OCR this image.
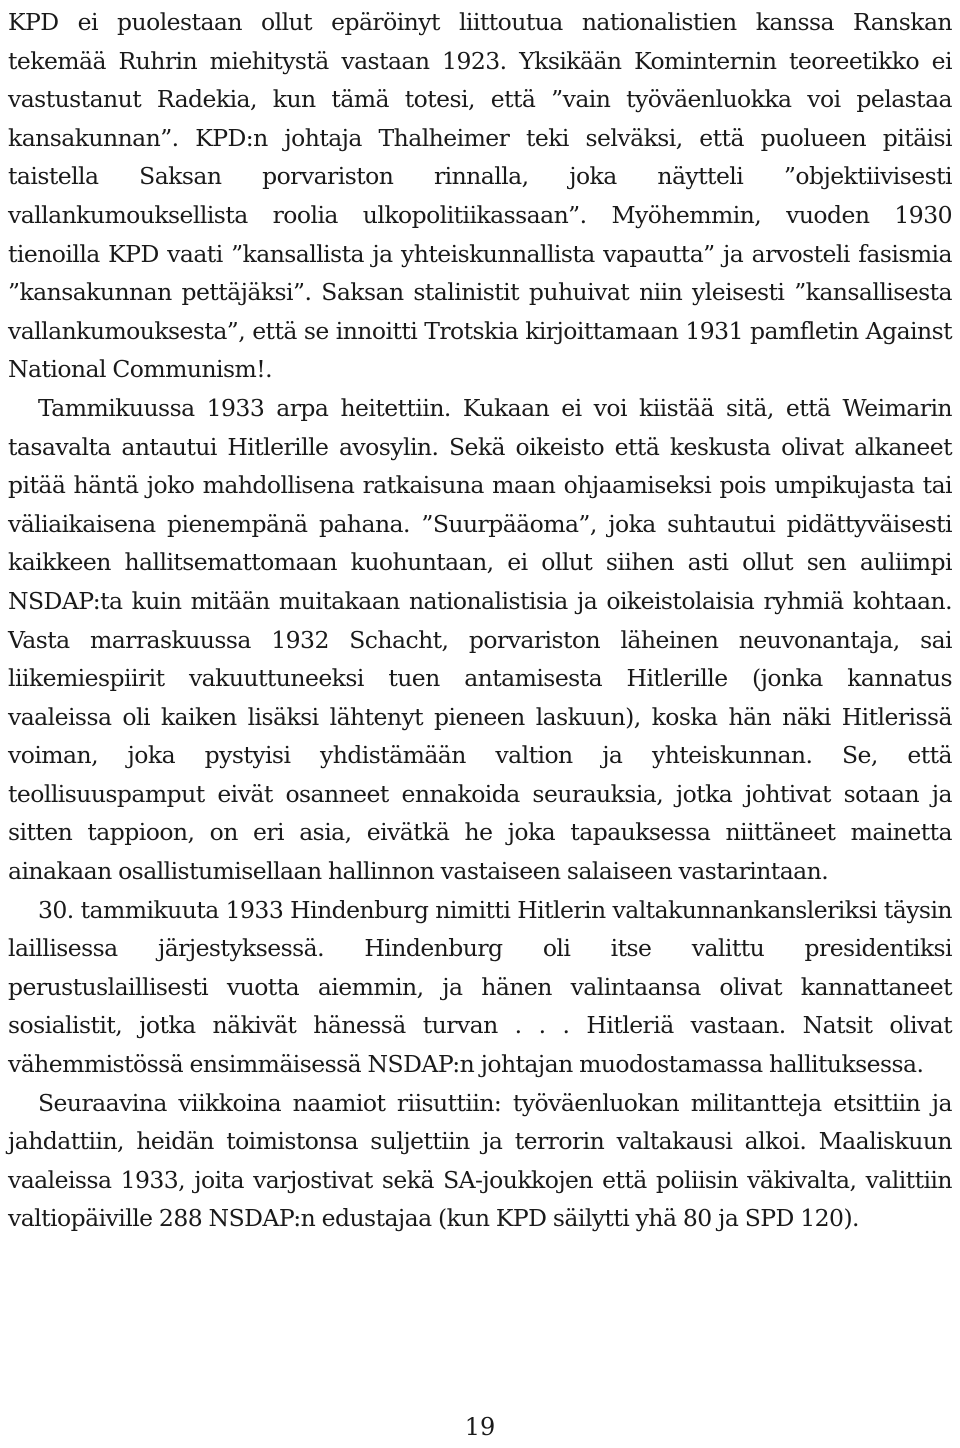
KPD ei puolestaan ollut epäröinyt liittoutua nationalistien kanssa Ranskan tekemää Ruhrin miehitystä vastaan 1923. Yksikään Kominternin teoreetikko ei vastustanut Radekia, kun tämä totesi, että ”vain työväenluokka voi pelastaa kansakunnan”. KPD:n johtaja Thalheimer teki selväksi, että puolueen pitäisi taistella Saksan porvariston rinnalla, joka näytteli ”objektiivisesti vallankumouksellista roolia ulkopolitiikassaan”. Myöhemmin, vuoden 1930 tienoilla KPD vaati ”kansallista ja yhteiskunnallista vapautta” ja arvosteli fasismia ”kansakunnan pettäjäksi”. Saksan stalinistit puhuivat niin yleisesti ”kansallisesta vallankumouksesta”, että se innoitti Trotskia kirjoittamaan 1931 pamfletin Against National Communism!.

Tammikuussa 1933 arpa heitettiin. Kukaan ei voi kiistää sitä, että Weimarin tasavalta antautui Hitlerille avosylin. Sekä oikeisto että keskusta olivat alkaneet pitää häntä joko mahdollisena ratkaisuna maan ohjaamiseksi pois umpikujasta tai väliaikaisena pienempänä pahana. ”Suurpääoma”, joka suhtautui pidättyväisesti kaikkeen hallitsemattomaan kuohuntaan, ei ollut siihen asti ollut sen auliimpi NSDAP:ta kuin mitään muitakaan nationalistisia ja oikeistolaisia ryhmiä kohtaan. Vasta marraskuussa 1932 Schacht, porvariston läheinen neuvonantaja, sai liikemiespiirit vakuuttuneeksi tuen antamisesta Hitlerille (jonka kannatus vaaleissa oli kaiken lisäksi lähtenyt pieneen laskuun), koska hän näki Hitlerissä voiman, joka pystyisi yhdistämään valtion ja yhteiskunnan. Se, että teollisuuspamput eivät osanneet ennakoida seurauksia, jotka johtivat sotaan ja sitten tappioon, on eri asia, eivätkä he joka tapauksessa niittäneet mainetta ainakaan osallistumisellaan hallinnon vastaiseen salaiseen vastarintaan.

30. tammikuuta 1933 Hindenburg nimitti Hitlerin valtakunnankansleriksi täysin laillisessa järjestyksessä. Hindenburg oli itse valittu presidentiksi perustuslaillisesti vuotta aiemmin, ja hänen valintaansa olivat kannattaneet sosialistit, jotka näkivät hänessä turvan . . . Hitleriä vastaan. Natsit olivat vähemmistössä ensimmäisessä NSDAP:n johtajan muodostamassa hallituksessa.

Seuraavina viikkoina naamiot riisuttiin: työväenluokan militantteja etsittiin ja jahdattiin, heidän toimistonsa suljettiin ja terrorin valtakausi alkoi. Maaliskuun vaaleissa 1933, joita varjostivat sekä SA-joukkojen että poliisin väkivalta, valittiin valtiopäiville 288 NSDAP:n edustajaa (kun KPD säilytti yhä 80 ja SPD 120).

19
